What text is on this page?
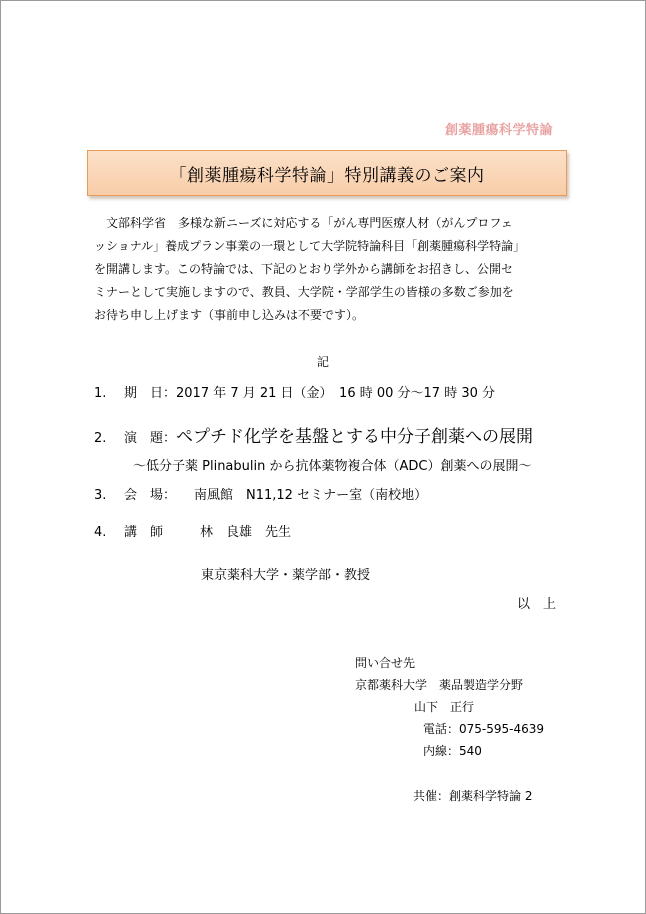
創薬腫瘍科学特論
「創薬腫瘍科学特論」特別講義のご案内

文部科学省　多様な新ニーズに対応する「がん専門医療人材（がんプロフェ

ッショナル」養成プラン事業の一環として大学院特論科目「創薬腫瘍科学特論」

を開講します。この特論では、下記のとおり学外から講師をお招きし、公開セ

ミナーとして実施しますので、教員、大学院・学部学生の皆様の多数ご参加を

お待ち申し上げます（事前申し込みは不要です）。

記
1. 期　日：2017 年 7 月 21 日（金）　16 時 00 分～17 時 30 分
2. 演　題：ペプチド化学を基盤とする中分子創薬への展開
～低分子薬 Plinabulin から抗体薬物複合体（ADC）創薬への展開～
3. 会　場： 南風館　N11,12 セミナー室（南校地）
4. 講　師	林　良雄　先生
東京薬科大学・薬学部・教授
以　上
問い合せ先
京都薬科大学　薬品製造学分野
山下　正行
電話：075-595-4639
内線：540
共催：創薬科学特論 2
